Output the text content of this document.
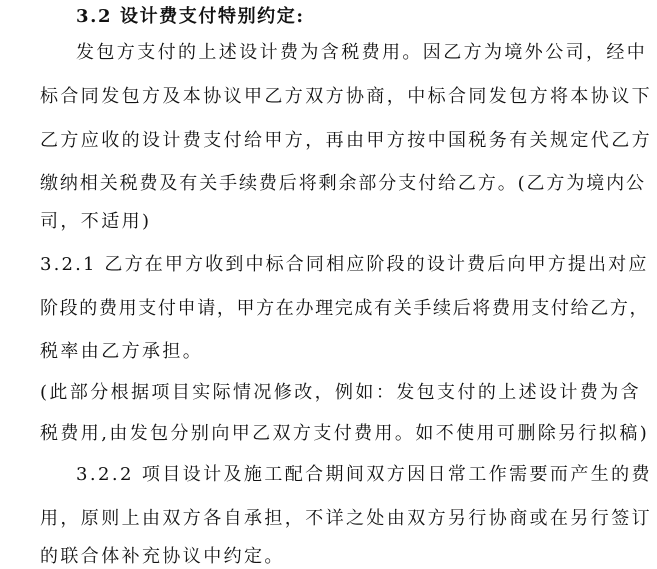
3.2 设计费支付特别约定:
发包方支付的上述设计费为含税费用。因乙方为境外公司，经中
标合同发包方及本协议甲乙方双方协商，中标合同发包方将本协议下
乙方应收的设计费支付给甲方，再由甲方按中国税务有关规定代乙方
缴纳相关税费及有关手续费后将剩余部分支付给乙方。(乙方为境内公
司，不适用)
3.2.1 乙方在甲方收到中标合同相应阶段的设计费后向甲方提出对应
阶段的费用支付申请，甲方在办理完成有关手续后将费用支付给乙方，
税率由乙方承担。
(此部分根据项目实际情况修改，例如：发包支付的上述设计费为含
税费用,由发包分别向甲乙双方支付费用。如不使用可删除另行拟稿)
3.2.2 项目设计及施工配合期间双方因日常工作需要而产生的费
用，原则上由双方各自承担，不详之处由双方另行协商或在另行签订
的联合体补充协议中约定。
